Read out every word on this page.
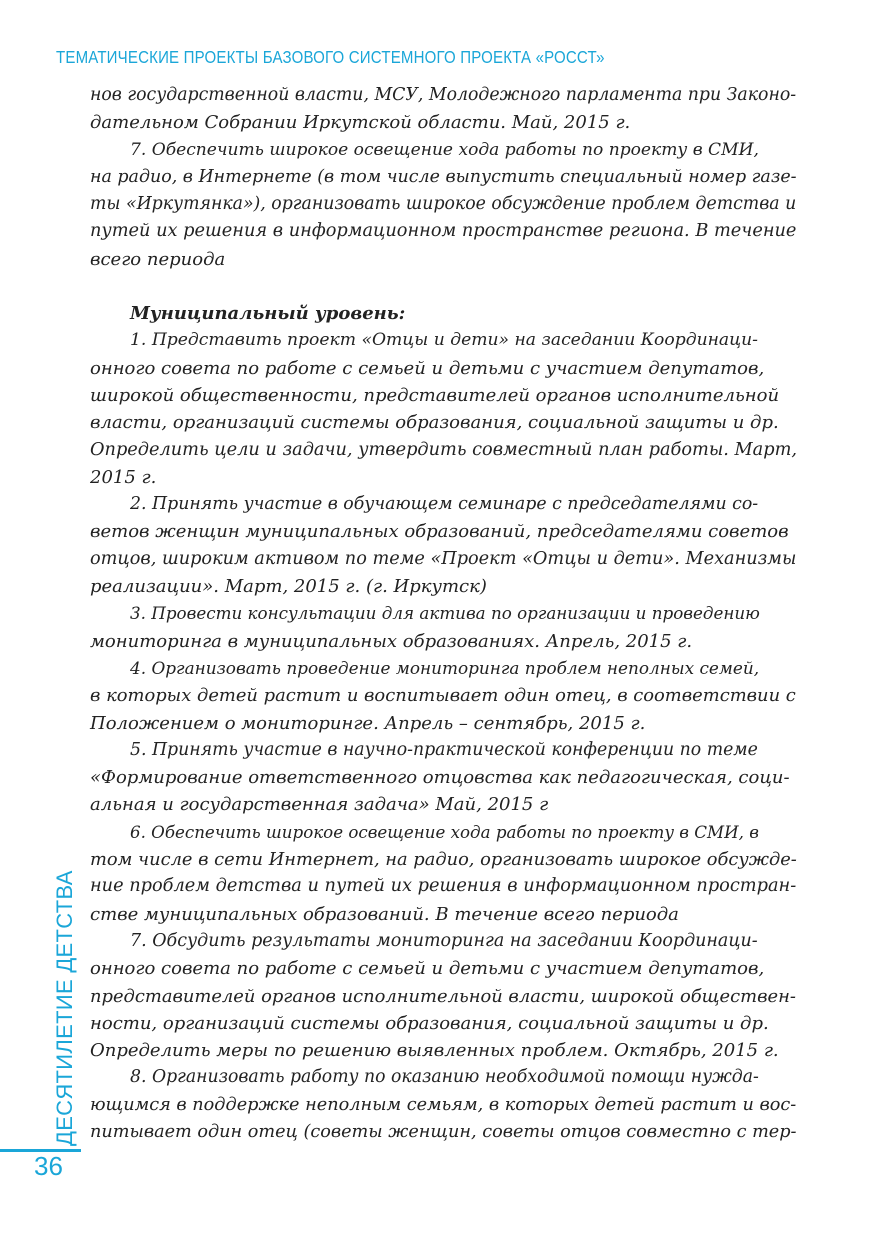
ТЕМАТИЧЕСКИЕ ПРОЕКТЫ БАЗОВОГО СИСТЕМНОГО ПРОЕКТА «РОССТ»
нов государственной власти, МСУ, Молодежного парламента при Законо-
дательном Собрании Иркутской области. Май, 2015 г.
7. Обеспечить широкое освещение хода работы по проекту в СМИ,
на радио, в Интернете (в том числе выпустить специальный номер газе-
ты «Иркутянка»), организовать широкое обсуждение проблем детства и
путей их решения в информационном пространстве региона. В течение
всего периода

Муниципальный уровень:

1. Представить проект «Отцы и дети» на заседании Координаци-
онного совета по работе с семьей и детьми с участием депутатов,
широкой общественности, представителей органов исполнительной
власти, организаций системы образования, социальной защиты и др.
Определить цели и задачи, утвердить совместный план работы. Март,
2015 г.
2. Принять участие в обучающем семинаре с председателями со-
ветов женщин муниципальных образований, председателями советов
отцов, широким активом по теме «Проект «Отцы и дети». Механизмы
реализации». Март, 2015 г. (г. Иркутск)
3. Провести консультации для актива по организации и проведению
мониторинга в муниципальных образованиях. Апрель, 2015 г.
4. Организовать проведение мониторинга проблем неполных семей,
в которых детей растит и воспитывает один отец, в соответствии с
Положением о мониторинге. Апрель – сентябрь, 2015 г.
5. Принять участие в научно-практической конференции по теме
«Формирование ответственного отцовства как педагогическая, соци-
альная и государственная задача» Май, 2015 г
6. Обеспечить широкое освещение хода работы по проекту в СМИ, в
том числе в сети Интернет, на радио, организовать широкое обсужде-
ние проблем детства и путей их решения в информационном простран-
стве муниципальных образований. В течение всего периода
7. Обсудить результаты мониторинга на заседании Координаци-
онного совета по работе с семьей и детьми с участием депутатов,
представителей органов исполнительной власти, широкой обществен-
ности, организаций системы образования, социальной защиты и др.
Определить меры по решению выявленных проблем. Октябрь, 2015 г.
8. Организовать работу по оказанию необходимой помощи нужда-
ющимся в поддержке неполным семьям, в которых детей растит и вос-
питывает один отец (советы женщин, советы отцов совместно с тер-
ДЕСЯТИЛЕТИЕ ДЕТСТВА
36
